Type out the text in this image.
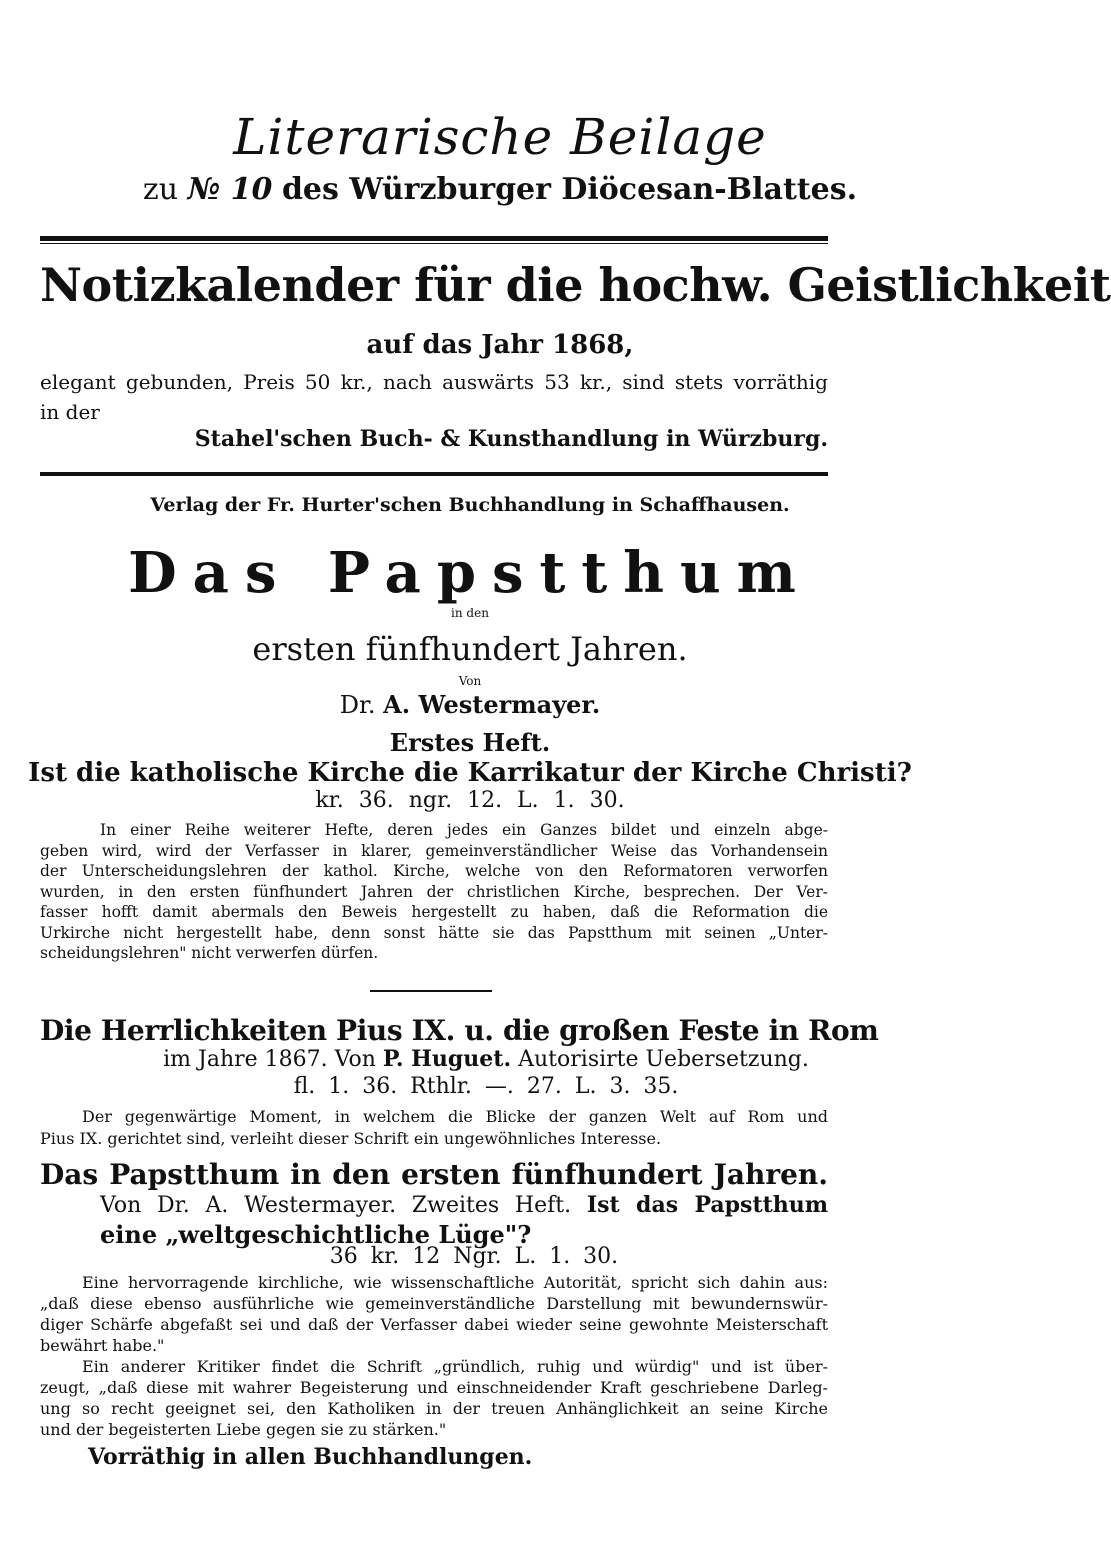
Literarische Beilage
zu № 10 des Würzburger Diöcesan-Blattes.
Notizkalender für die hochw. Geistlichkeit
auf das Jahr 1868,
elegant gebunden, Preis 50 kr., nach auswärts 53 kr., sind stets vorräthig
in der
Stahel'schen Buch- & Kunsthandlung in Würzburg.
Verlag der Fr. Hurter'schen Buchhandlung in Schaffhausen.
Das Papstthum
in den
ersten fünfhundert Jahren.
Von
Dr. A. Westermayer.
Erstes Heft.
Ist die katholische Kirche die Karrikatur der Kirche Christi?
kr. 36. ngr. 12. L. 1. 30.
In einer Reihe weiterer Hefte, deren jedes ein Ganzes bildet und einzeln abge-
geben wird, wird der Verfasser in klarer, gemeinverständlicher Weise das Vorhandensein
der Unterscheidungslehren der kathol. Kirche, welche von den Reformatoren verworfen
wurden, in den ersten fünfhundert Jahren der christlichen Kirche, besprechen. Der Ver-
fasser hofft damit abermals den Beweis hergestellt zu haben, daß die Reformation die
Urkirche nicht hergestellt habe, denn sonst hätte sie das Papstthum mit seinen „Unter-
scheidungslehren" nicht verwerfen dürfen.
Die Herrlichkeiten Pius IX. u. die großen Feste in Rom
im Jahre 1867. Von P. Huguet. Autorisirte Uebersetzung.
fl. 1. 36. Rthlr. —. 27. L. 3. 35.
Der gegenwärtige Moment, in welchem die Blicke der ganzen Welt auf Rom und
Pius IX. gerichtet sind, verleiht dieser Schrift ein ungewöhnliches Interesse.
Das Papstthum in den ersten fünfhundert Jahren.
Von Dr. A. Westermayer. Zweites Heft. Ist das Papstthum
eine „weltgeschichtliche Lüge"?
36 kr. 12 Ngr. L. 1. 30.
Eine hervorragende kirchliche, wie wissenschaftliche Autorität, spricht sich dahin aus:
„daß diese ebenso ausführliche wie gemeinverständliche Darstellung mit bewundernswür-
diger Schärfe abgefaßt sei und daß der Verfasser dabei wieder seine gewohnte Meisterschaft
bewährt habe."
Ein anderer Kritiker findet die Schrift „gründlich, ruhig und würdig" und ist über-
zeugt, „daß diese mit wahrer Begeisterung und einschneidender Kraft geschriebene Darleg-
ung so recht geeignet sei, den Katholiken in der treuen Anhänglichkeit an seine Kirche
und der begeisterten Liebe gegen sie zu stärken."
Vorräthig in allen Buchhandlungen.
